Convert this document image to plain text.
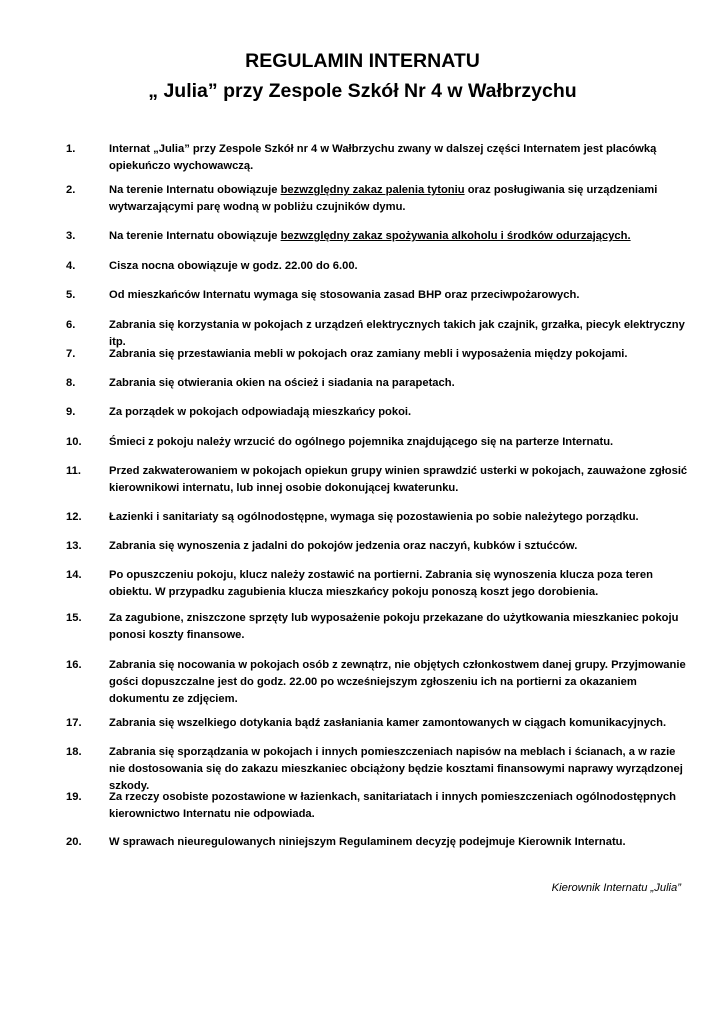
REGULAMIN INTERNATU
„ Julia” przy Zespole Szkół Nr 4 w Wałbrzychu
1.	Internat „Julia” przy Zespole Szkół nr 4 w Wałbrzychu zwany w dalszej części Internatem jest placówką opiekuńczo wychowawczą.
2.	Na terenie Internatu obowiązuje bezwzględny zakaz palenia tytoniu oraz posługiwania się urządzeniami wytwarzającymi parę wodną w pobliżu czujników dymu.
3.	Na terenie Internatu obowiązuje bezwzględny zakaz spożywania alkoholu i środków odurzających.
4.	Cisza nocna obowiązuje w godz. 22.00 do 6.00.
5.	Od mieszkańców Internatu wymaga się stosowania zasad BHP oraz przeciwpożarowych.
6.	Zabrania się korzystania w pokojach z urządzeń elektrycznych takich jak czajnik, grzałka, piecyk elektryczny itp.
7.	Zabrania się przestawiania mebli w pokojach oraz zamiany mebli i wyposażenia między pokojami.
8.	Zabrania się otwierania okien na oścież i siadania na parapetach.
9.	Za porządek w pokojach odpowiadają mieszkańcy pokoi.
10.	Śmieci z pokoju należy wrzucić do ogólnego pojemnika znajdującego się na parterze Internatu.
11.	Przed zakwaterowaniem w pokojach opiekun grupy winien sprawdzić usterki w pokojach, zauważone zgłosić kierownikowi internatu, lub innej osobie dokonującej kwaterunku.
12.	Łazienki i sanitariaty są ogólnodostępne, wymaga się pozostawienia po sobie należytego porządku.
13.	Zabrania się wynoszenia z jadalni do pokojów jedzenia oraz naczyń, kubków i sztućców.
14.	Po opuszczeniu pokoju, klucz należy zostawić na portierni. Zabrania się wynoszenia klucza poza teren obiektu. W przypadku zagubienia klucza mieszkańcy pokoju ponoszą koszt jego dorobienia.
15.	Za zagubione, zniszczone sprzęty lub wyposażenie pokoju przekazane do użytkowania mieszkaniec pokoju ponosi koszty finansowe.
16.	Zabrania się nocowania w pokojach osób z zewnątrz, nie objętych członkostwem danej grupy. Przyjmowanie gości dopuszczalne jest do godz. 22.00 po wcześniejszym zgłoszeniu ich na portierni za okazaniem dokumentu ze zdjęciem.
17.	Zabrania się wszelkiego dotykania bądź zasłaniania kamer zamontowanych w ciągach komunikacyjnych.
18.	Zabrania się sporządzania w pokojach i innych pomieszczeniach napisów na meblach i ścianach, a w razie nie dostosowania się do zakazu mieszkaniec obciążony będzie kosztami finansowymi naprawy wyrządzonej szkody.
19.	Za rzeczy osobiste pozostawione w łazienkach, sanitariatach i innych pomieszczeniach ogólnodostępnych kierownictwo Internatu nie odpowiada.
20.	W sprawach nieuregulowanych niniejszym Regulaminem decyzję podejmuje Kierownik Internatu.
Kierownik Internatu „Julia”
